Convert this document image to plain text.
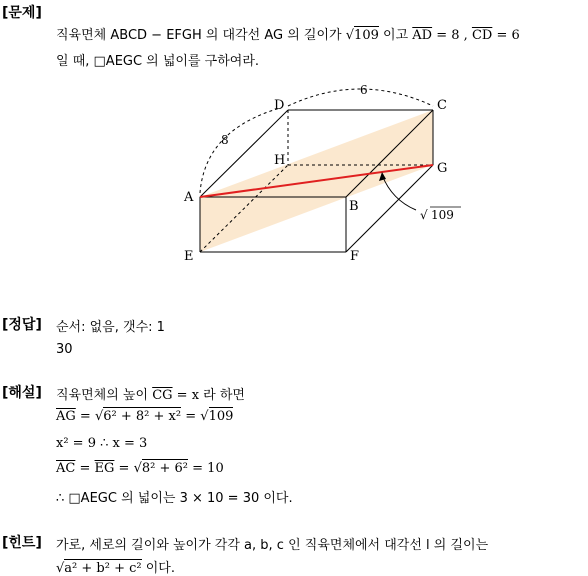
[문제]
직육면체 ABCD − EFGH 의 대각선 AG 의 길이가 √109 이고 $\overline{AD} = 8$ , $\overline{CD} = 6$
일 때, □AEGC 의 넓이를 구하여라.
A
B
C
D
E	F
G
H
6
8
√ 109
[정답] 순서: 없음, 갯수: 1
30
[해설] 직육면체의 높이 $\overline{CG} = x$ 라 하면
$\overline{AG} = √6^2 + 8^2 + x^2 = √109$
x² = 9 ∴ x = 3
$\overline{AC} = \overline{EG} = √8^2 + 6^2 = 10$
∴ □AEGC 의 넓이는 3 × 10 = 30 이다.
[힌트] 가로, 세로의 길이와 높이가 각각 a, b, c 인 직육면체에서 대각선 l 의 길이는
√a² + b² + c² 이다.
